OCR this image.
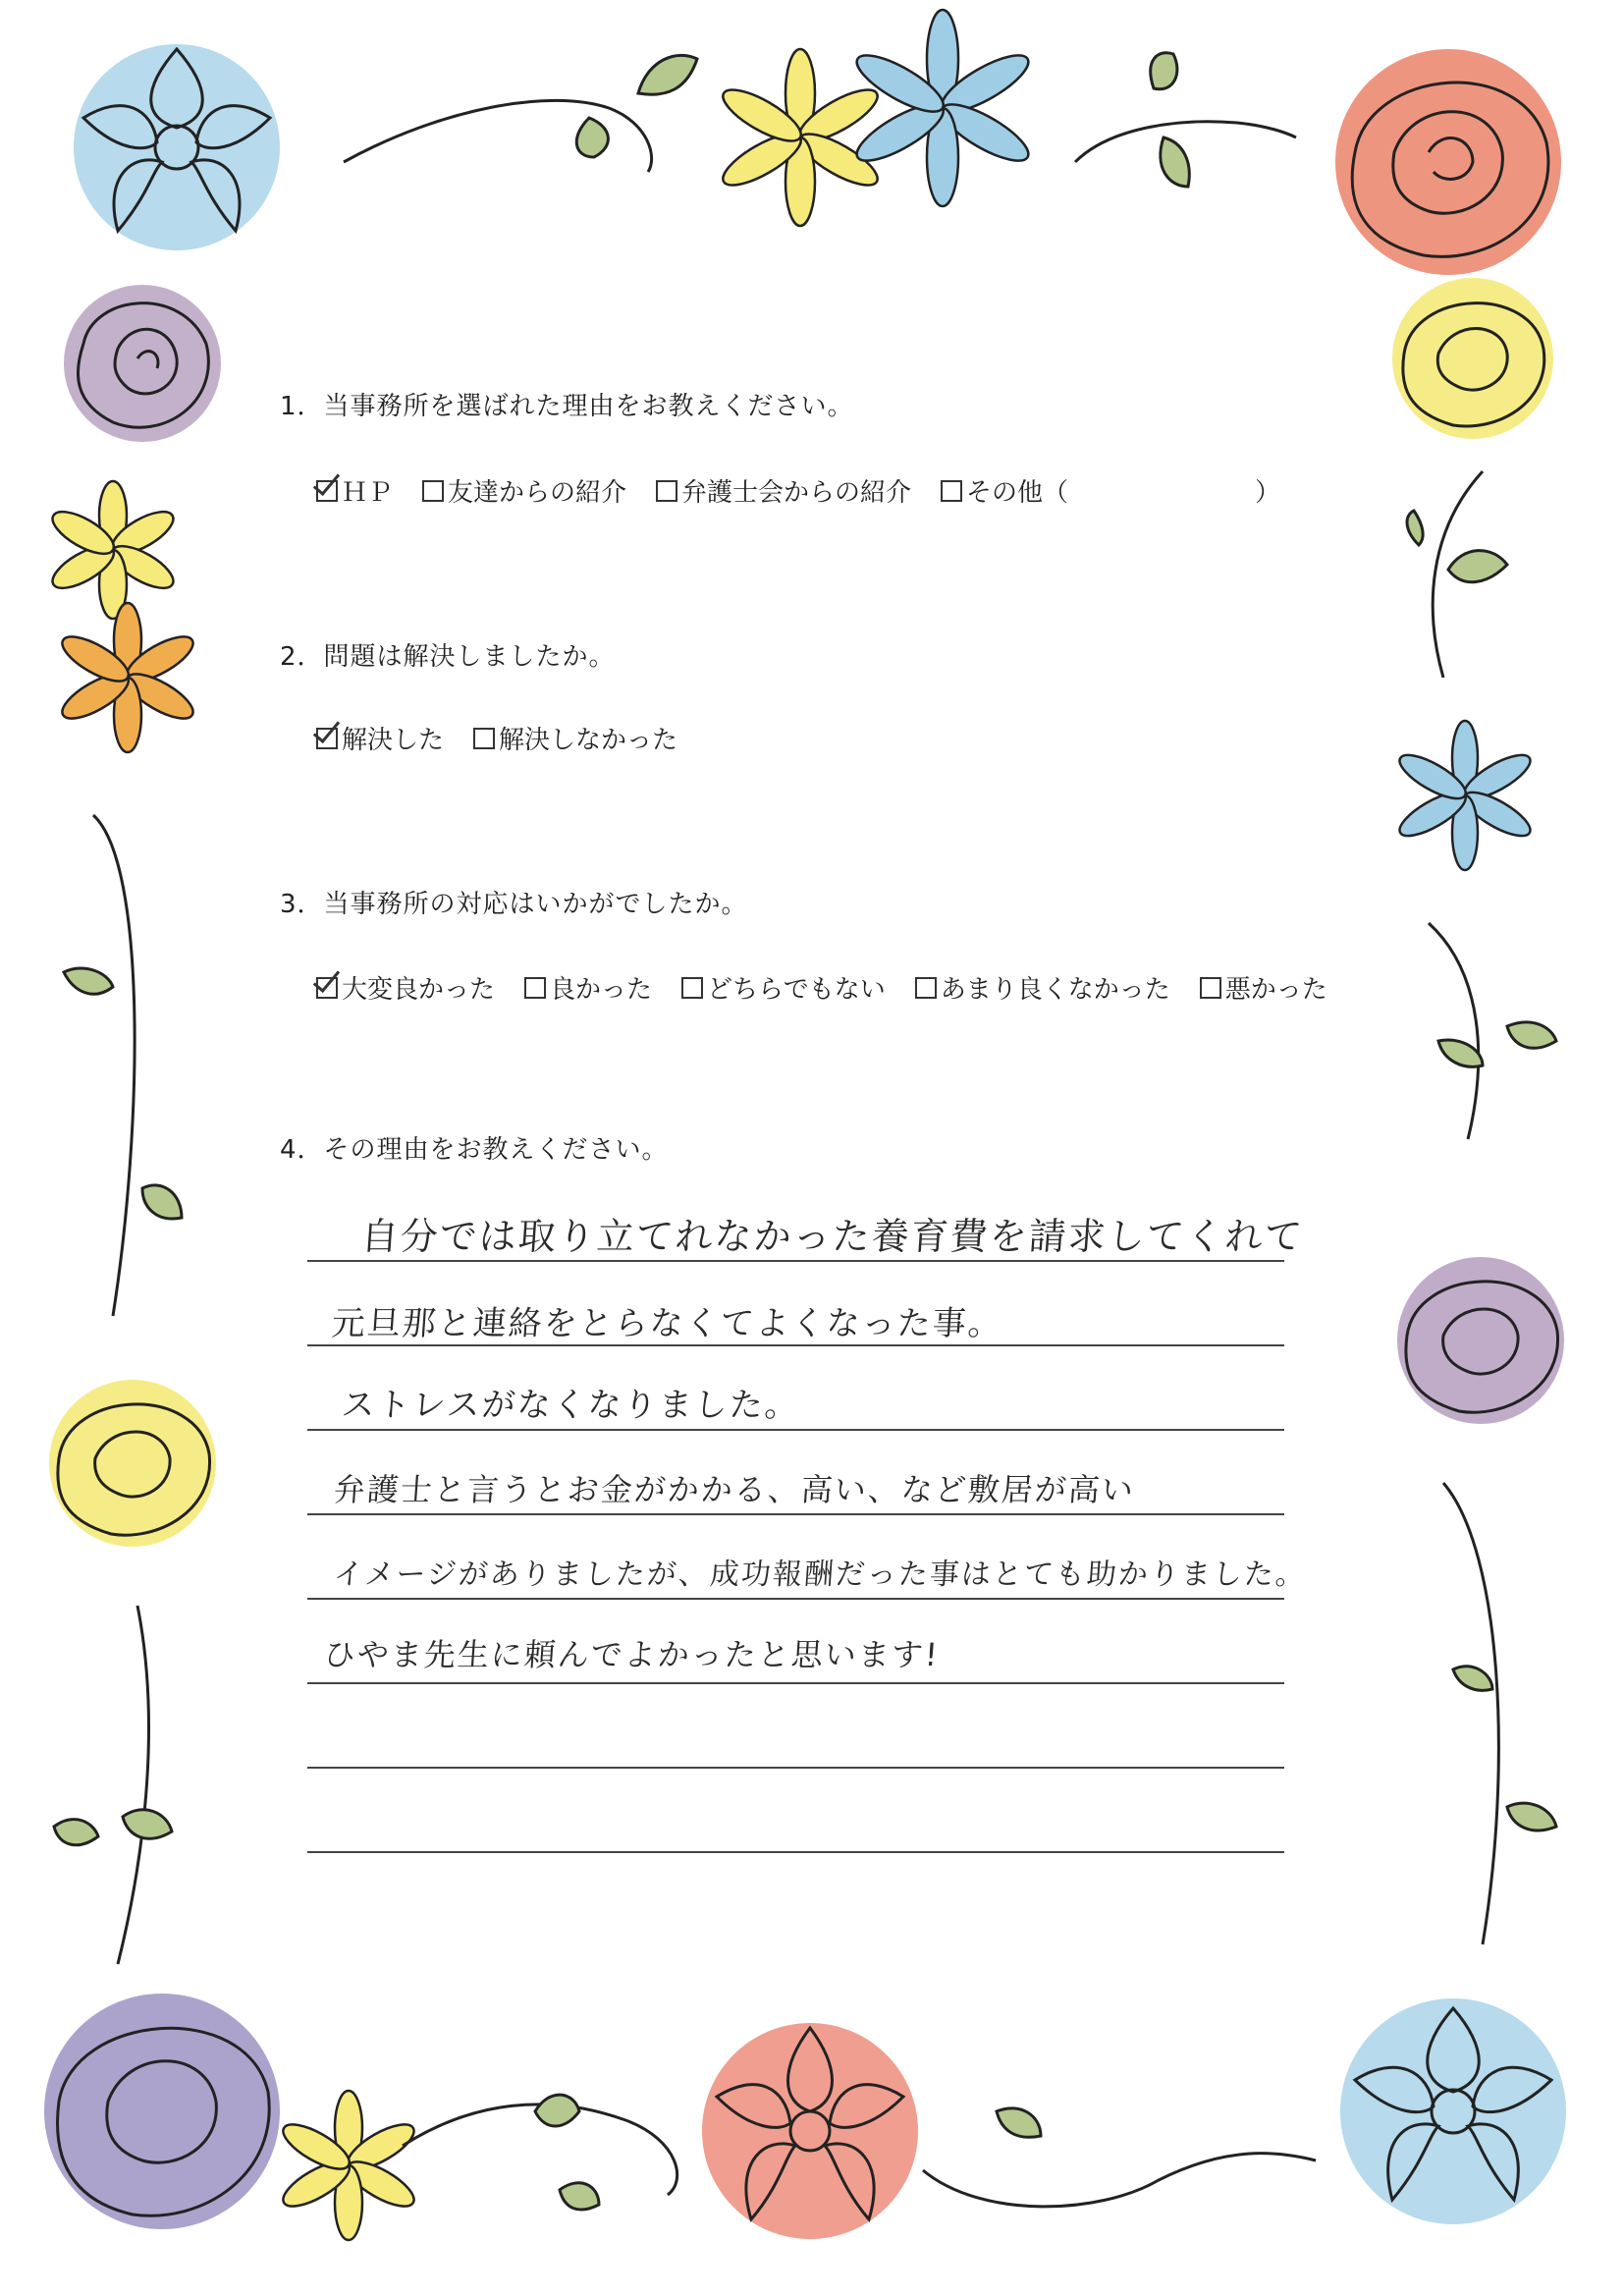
1．当事務所を選ばれた理由をお教えください。
ＨＰ 友達からの紹介 弁護士会からの紹介 その他（	）
2．問題は解決しましたか。
解決した 解決しなかった
3．当事務所の対応はいかがでしたか。
大変良かった 良かった どちらでもない あまり良くなかった 悪かった
4．その理由をお教えください。
自分では取り立てれなかった養育費を請求してくれて
元旦那と連絡をとらなくてよくなった事。
ストレスがなくなりました。
弁護士と言うとお金がかかる、高い、など敷居が高い
イメージがありましたが、成功報酬だった事はとても助かりました。
ひやま先生に頼んでよかったと思います!
